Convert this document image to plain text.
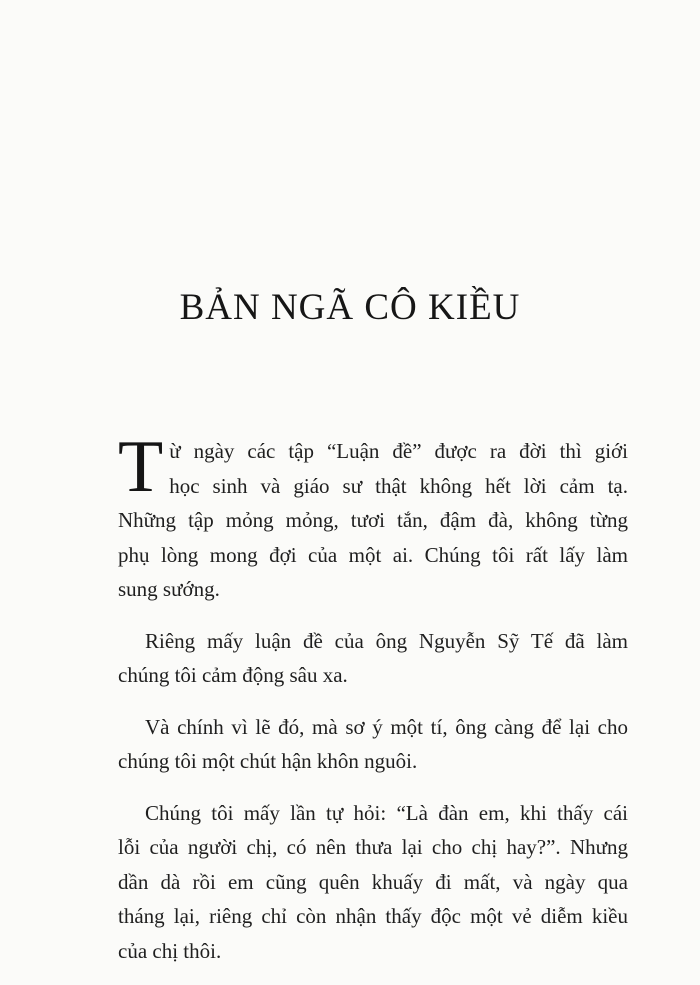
BẢN NGÃ CÔ KIỀU
T ừ ngày các tập “Luận đề” được ra đời thì giới
học sinh và giáo sư thật không hết lời cảm tạ.
Những tập mỏng mỏng, tươi tắn, đậm đà, không từng
phụ lòng mong đợi của một ai. Chúng tôi rất lấy làm
sung sướng.
Riêng mấy luận đề của ông Nguyễn Sỹ Tế đã làm
chúng tôi cảm động sâu xa.
Và chính vì lẽ đó, mà sơ ý một tí, ông càng để lại cho
chúng tôi một chút hận khôn nguôi.
Chúng tôi mấy lần tự hỏi: “Là đàn em, khi thấy cái
lỗi của người chị, có nên thưa lại cho chị hay?”. Nhưng
dần dà rồi em cũng quên khuấy đi mất, và ngày qua
tháng lại, riêng chỉ còn nhận thấy độc một vẻ diễm kiều
của chị thôi.
